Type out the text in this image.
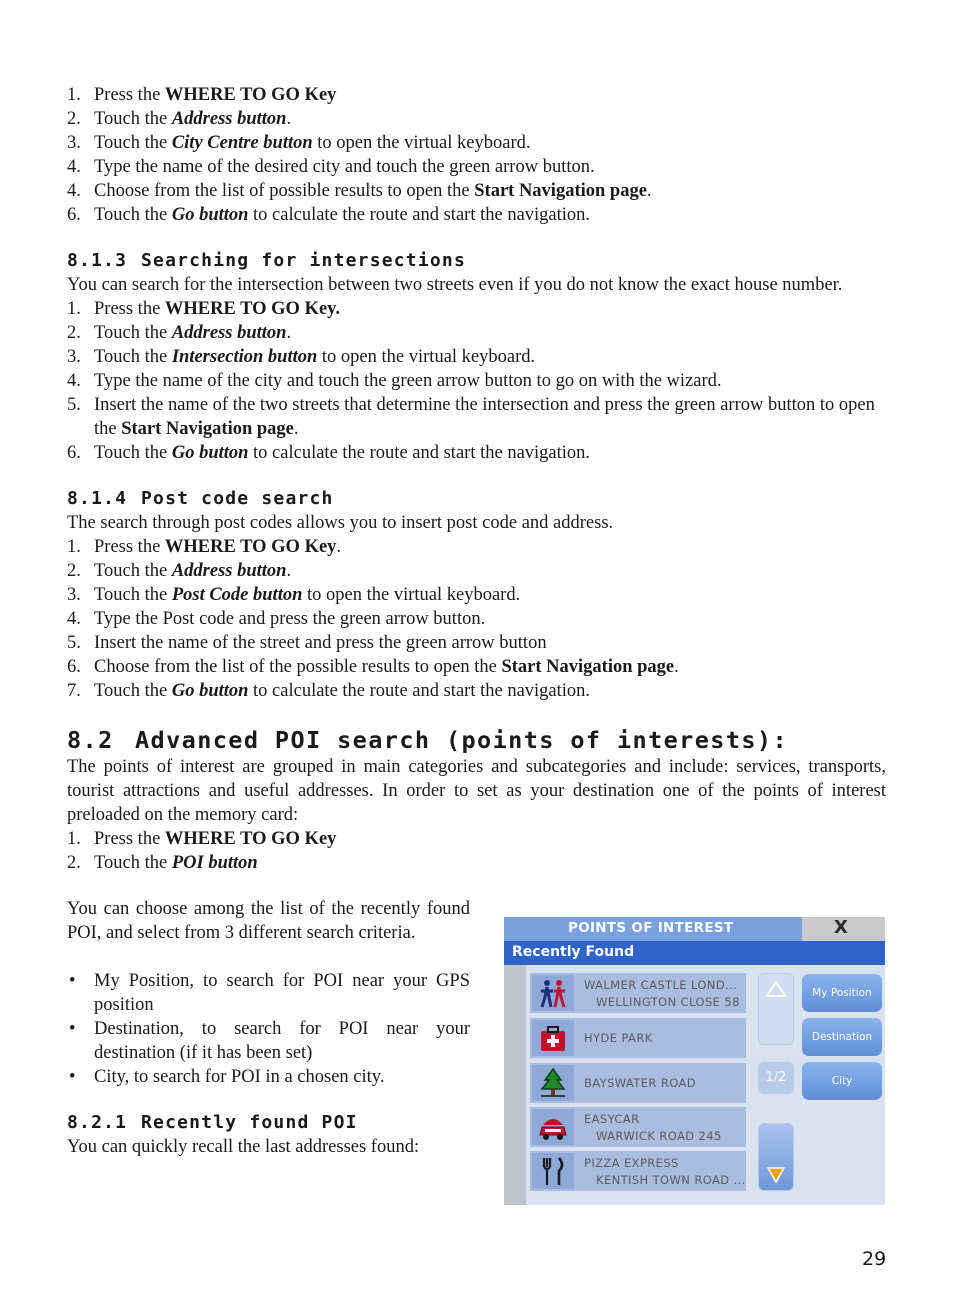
1. Press the WHERE TO GO Key
2. Touch the Address button.
3. Touch the City Centre button to open the virtual keyboard.
4. Type the name of the desired city and touch the green arrow button.
4. Choose from the list of possible results to open the Start Navigation page.
6. Touch the Go button to calculate the route and start the navigation.
8.1.3 Searching for intersections

You can search for the intersection between two streets even if you do not know the exact house number.

1. Press the WHERE TO GO Key.
2. Touch the Address button.
3. Touch the Intersection button to open the virtual keyboard.
4. Type the name of the city and touch the green arrow button to go on with the wizard.
5. Insert the name of the two streets that determine the intersection and press the green arrow button to open the Start Navigation page.
6. Touch the Go button to calculate the route and start the navigation.
8.1.4 Post code search

The search through post codes allows you to insert post code and address.

1. Press the WHERE TO GO Key.
2. Touch the Address button.
3. Touch the Post Code button to open the virtual keyboard.
4. Type the Post code and press the green arrow button.
5. Insert the name of the street and press the green arrow button
6. Choose from the list of the possible results to open the Start Navigation page.
7. Touch the Go button to calculate the route and start the navigation.
8.2 Advanced POI search (points of interests):

The points of interest are grouped in main categories and subcategories and include: services, transports, tourist attractions and useful addresses. In order to set as your destination one of the points of interest preloaded on the memory card:

1. Press the WHERE TO GO Key
2. Touch the POI button

You can choose among the list of the recently found POI, and select from 3 different search criteria.

• My Position, to search for POI near your GPS position
• Destination, to search for POI near your destination (if it has been set)
• City, to search for POI in a chosen city.
8.2.1 Recently found POI

You can quickly recall the last addresses found:

POINTS OF INTEREST	X
Recently Found
WALMER CASTLE LOND...
WELLINGTON CLOSE 58
HYDE PARK
BAYSWATER ROAD
EASYCAR
WARWICK ROAD 245
PIZZA EXPRESS
KENTISH TOWN ROAD ...
1/2
My Position
Destination
City
29
